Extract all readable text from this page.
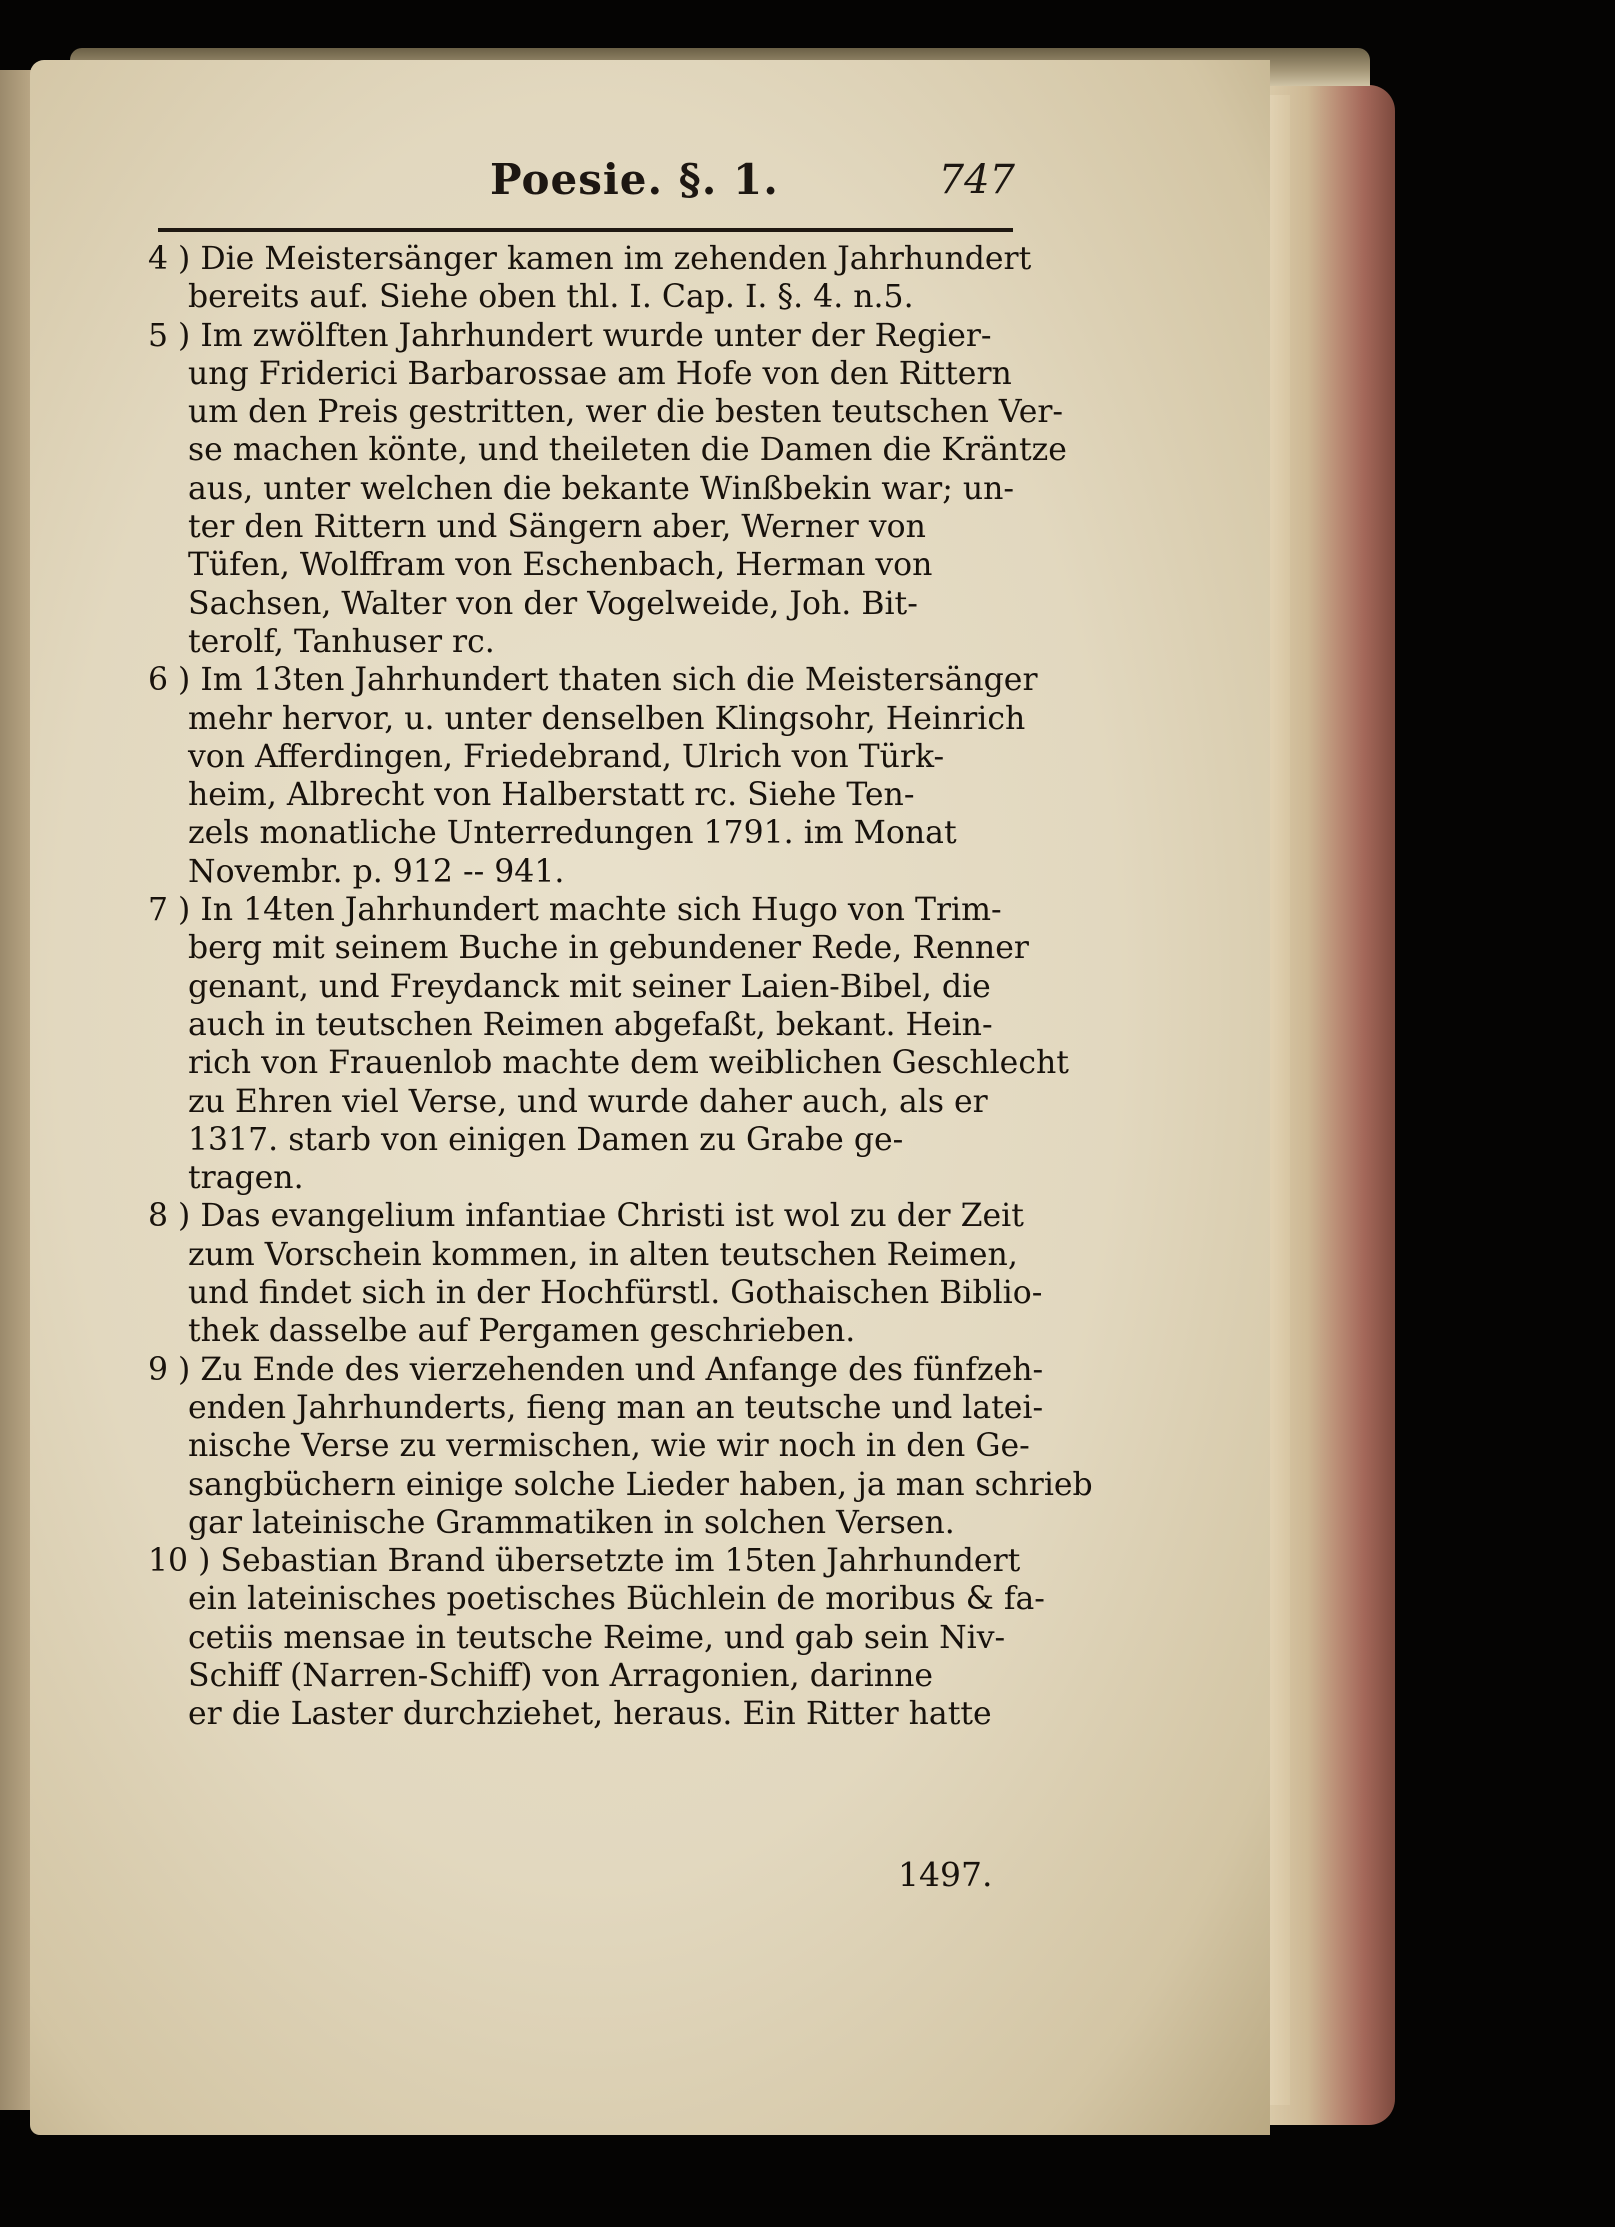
Poesie. §. 1.	747
4 ) Die Meistersänger kamen im zehenden Jahrhundert
bereits auf. Siehe oben thl. I. Cap. I. §. 4. n.5.
5 ) Im zwölften Jahrhundert wurde unter der Regier-
ung Friderici Barbarossae am Hofe von den Rittern
um den Preis gestritten, wer die besten teutschen Ver-
se machen könte, und theileten die Damen die Kräntze
aus, unter welchen die bekante Winßbekin war; un-
ter den Rittern und Sängern aber, Werner von
Tüfen, Wolffram von Eschenbach, Herman von
Sachsen, Walter von der Vogelweide, Joh. Bit-
terolf, Tanhuser rc.
6 ) Im 13ten Jahrhundert thaten sich die Meistersänger
mehr hervor, u. unter denselben Klingsohr, Heinrich
von Afferdingen, Friedebrand, Ulrich von Türk-
heim, Albrecht von Halberstatt rc. Siehe Ten-
zels monatliche Unterredungen 1791. im Monat
Novembr. p. 912 -- 941.
7 ) In 14ten Jahrhundert machte sich Hugo von Trim-
berg mit seinem Buche in gebundener Rede, Renner
genant, und Freydanck mit seiner Laien-Bibel, die
auch in teutschen Reimen abgefaßt, bekant. Hein-
rich von Frauenlob machte dem weiblichen Geschlecht
zu Ehren viel Verse, und wurde daher auch, als er
1317. starb von einigen Damen zu Grabe ge-
tragen.
8 ) Das evangelium infantiae Christi ist wol zu der Zeit
zum Vorschein kommen, in alten teutschen Reimen,
und findet sich in der Hochfürstl. Gothaischen Biblio-
thek dasselbe auf Pergamen geschrieben.
9 ) Zu Ende des vierzehenden und Anfange des fünfzeh-
enden Jahrhunderts, fieng man an teutsche und latei-
nische Verse zu vermischen, wie wir noch in den Ge-
sangbüchern einige solche Lieder haben, ja man schrieb
gar lateinische Grammatiken in solchen Versen.
10 ) Sebastian Brand übersetzte im 15ten Jahrhundert
ein lateinisches poetisches Büchlein de moribus & fa-
cetiis mensae in teutsche Reime, und gab sein Niv-
Schiff (Narren-Schiff) von Arragonien, darinne
er die Laster durchziehet, heraus. Ein Ritter hatte
1497.
